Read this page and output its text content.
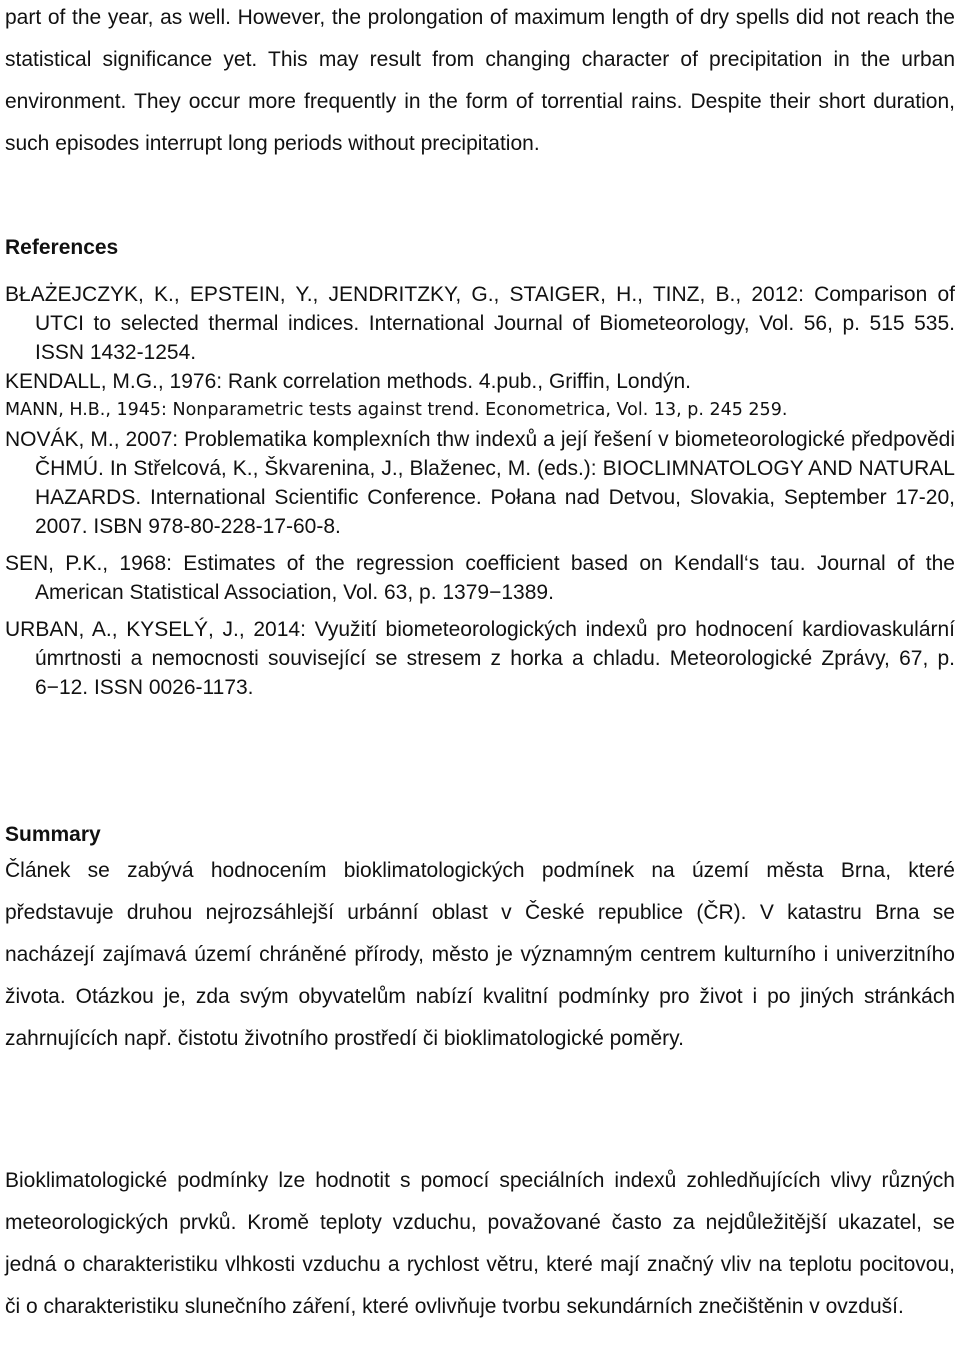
part of the year, as well. However, the prolongation of maximum length of dry spells did not reach the statistical significance yet. This may result from changing character of precipitation in the urban environment. They occur more frequently in the form of torrential rains. Despite their short duration, such episodes interrupt long periods without precipitation.

References
BŁAŻEJCZYK, K., EPSTEIN, Y., JENDRITZKY, G., STAIGER, H., TINZ, B., 2012: Comparison of UTCI to selected thermal indices. International Journal of Biometeorology, Vol. 56, p. 515 535. ISSN 1432-1254.
KENDALL, M.G., 1976: Rank correlation methods. 4.pub., Griffin, Londýn.
MANN, H.B., 1945: Nonparametric tests against trend. Econometrica, Vol. 13, p. 245 259.
NOVÁK, M., 2007: Problematika komplexních thw indexů a její řešení v biometeorologické předpovědi ČHMÚ. In Střelcová, K., Škvarenina, J., Blaženec, M. (eds.): BIOCLIMNATOLOGY AND NATURAL HAZARDS. International Scientific Conference. Połana nad Detvou, Slovakia, September 17-20, 2007. ISBN 978-80-228-17-60-8.
SEN, P.K., 1968: Estimates of the regression coefficient based on Kendall‘s tau. Journal of the American Statistical Association, Vol. 63, p. 1379−1389.
URBAN, A., KYSELÝ, J., 2014: Využití biometeorologických indexů pro hodnocení kardiovaskulární úmrtnosti a nemocnosti související se stresem z horka a chladu. Meteorologické Zprávy, 67, p. 6−12. ISSN 0026-1173.
Summary

Článek se zabývá hodnocením bioklimatologických podmínek na území města Brna, které představuje druhou nejrozsáhlejší urbánní oblast v České republice (ČR). V katastru Brna se nacházejí zajímavá území chráněné přírody, město je významným centrem kulturního i univerzitního života. Otázkou je, zda svým obyvatelům nabízí kvalitní podmínky pro život i po jiných stránkách zahrnujících např. čistotu životního prostředí či bioklimatologické poměry.

Bioklimatologické podmínky lze hodnotit s pomocí speciálních indexů zohledňujících vlivy různých meteorologických prvků. Kromě teploty vzduchu, považované často za nejdůležitější ukazatel, se jedná o charakteristiku vlhkosti vzduchu a rychlost větru, které mají značný vliv na teplotu pocitovou, či o charakteristiku slunečního záření, které ovlivňuje tvorbu sekundárních znečištěnin v ovzduší.
